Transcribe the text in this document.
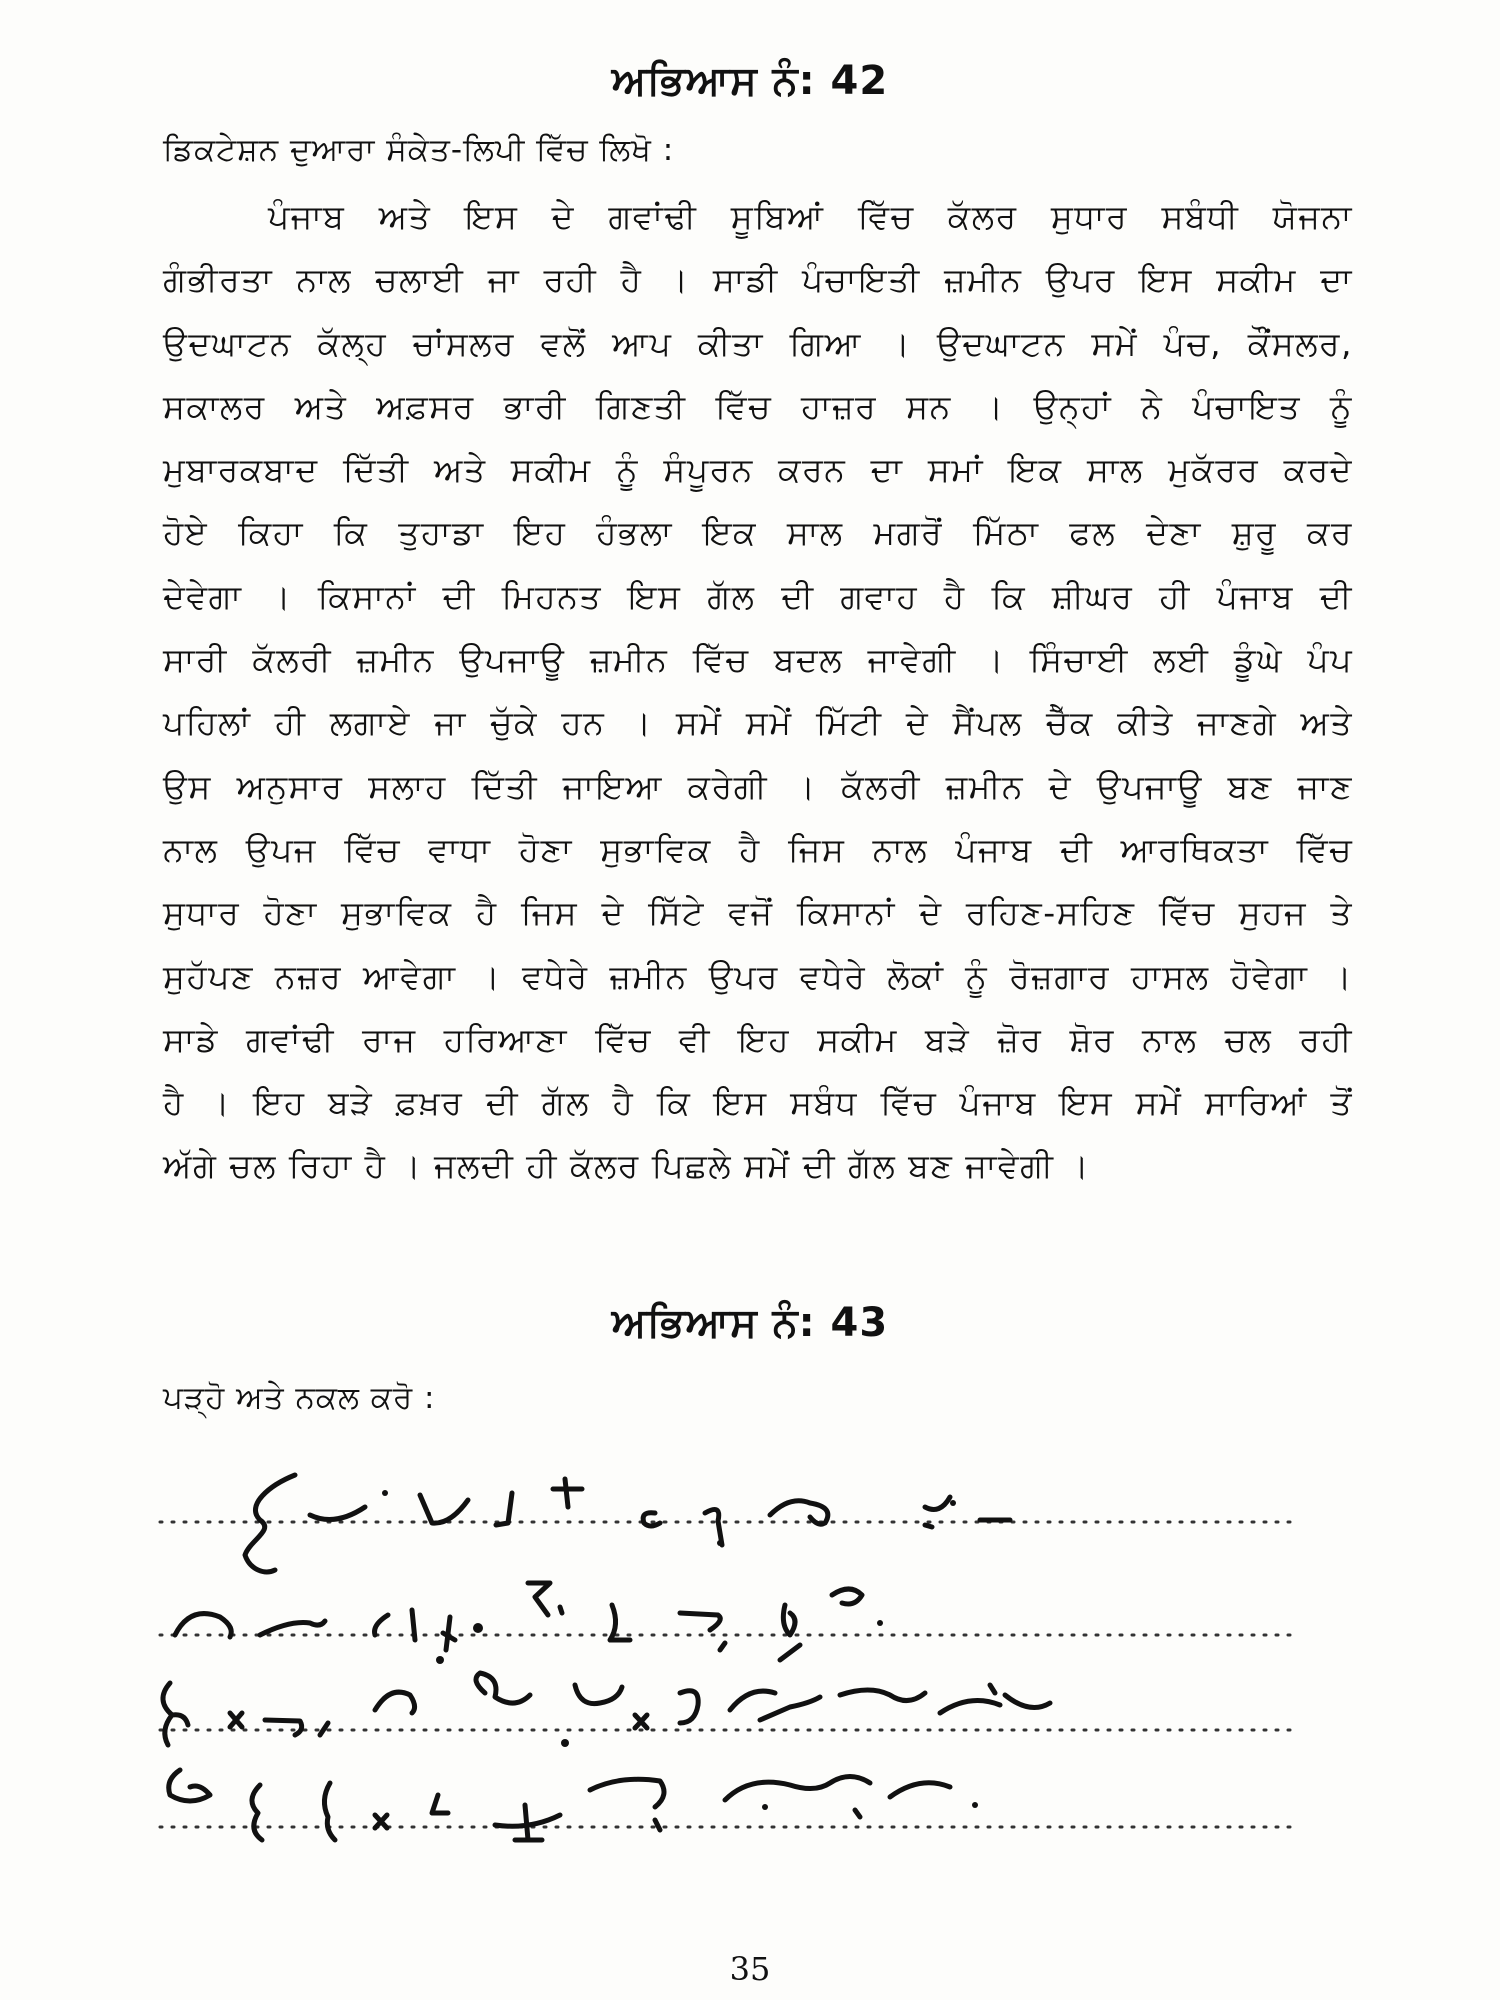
ਅਭਿਆਸ ਨੰ: 42
ਡਿਕਟੇਸ਼ਨ ਦੁਆਰਾ ਸੰਕੇਤ-ਲਿਪੀ ਵਿੱਚ ਲਿਖੋ :
ਪੰਜਾਬ ਅਤੇ ਇਸ ਦੇ ਗਵਾਂਢੀ ਸੂਬਿਆਂ ਵਿੱਚ ਕੱਲਰ ਸੁਧਾਰ ਸਬੰਧੀ ਯੋਜਨਾ
ਗੰਭੀਰਤਾ ਨਾਲ ਚਲਾਈ ਜਾ ਰਹੀ ਹੈ । ਸਾਡੀ ਪੰਚਾਇਤੀ ਜ਼ਮੀਨ ਉਪਰ ਇਸ ਸਕੀਮ ਦਾ
ਉਦਘਾਟਨ ਕੱਲ੍ਹ ਚਾਂਸਲਰ ਵਲੋਂ ਆਪ ਕੀਤਾ ਗਿਆ । ਉਦਘਾਟਨ ਸਮੇਂ ਪੰਚ, ਕੌਂਸਲਰ,
ਸਕਾਲਰ ਅਤੇ ਅਫ਼ਸਰ ਭਾਰੀ ਗਿਣਤੀ ਵਿੱਚ ਹਾਜ਼ਰ ਸਨ । ਉਨ੍ਹਾਂ ਨੇ ਪੰਚਾਇਤ ਨੂੰ
ਮੁਬਾਰਕਬਾਦ ਦਿੱਤੀ ਅਤੇ ਸਕੀਮ ਨੂੰ ਸੰਪੂਰਨ ਕਰਨ ਦਾ ਸਮਾਂ ਇਕ ਸਾਲ ਮੁਕੱਰਰ ਕਰਦੇ
ਹੋਏ ਕਿਹਾ ਕਿ ਤੁਹਾਡਾ ਇਹ ਹੰਭਲਾ ਇਕ ਸਾਲ ਮਗਰੋਂ ਮਿੱਠਾ ਫਲ ਦੇਣਾ ਸ਼ੁਰੂ ਕਰ
ਦੇਵੇਗਾ । ਕਿਸਾਨਾਂ ਦੀ ਮਿਹਨਤ ਇਸ ਗੱਲ ਦੀ ਗਵਾਹ ਹੈ ਕਿ ਸ਼ੀਘਰ ਹੀ ਪੰਜਾਬ ਦੀ
ਸਾਰੀ ਕੱਲਰੀ ਜ਼ਮੀਨ ਉਪਜਾਊ ਜ਼ਮੀਨ ਵਿੱਚ ਬਦਲ ਜਾਵੇਗੀ । ਸਿੰਚਾਈ ਲਈ ਡੂੰਘੇ ਪੰਪ
ਪਹਿਲਾਂ ਹੀ ਲਗਾਏ ਜਾ ਚੁੱਕੇ ਹਨ । ਸਮੇਂ ਸਮੇਂ ਮਿੱਟੀ ਦੇ ਸੈਂਪਲ ਚੈੱਕ ਕੀਤੇ ਜਾਣਗੇ ਅਤੇ
ਉਸ ਅਨੁਸਾਰ ਸਲਾਹ ਦਿੱਤੀ ਜਾਇਆ ਕਰੇਗੀ । ਕੱਲਰੀ ਜ਼ਮੀਨ ਦੇ ਉਪਜਾਊ ਬਣ ਜਾਣ
ਨਾਲ ਉਪਜ ਵਿੱਚ ਵਾਧਾ ਹੋਣਾ ਸੁਭਾਵਿਕ ਹੈ ਜਿਸ ਨਾਲ ਪੰਜਾਬ ਦੀ ਆਰਥਿਕਤਾ ਵਿੱਚ
ਸੁਧਾਰ ਹੋਣਾ ਸੁਭਾਵਿਕ ਹੈ ਜਿਸ ਦੇ ਸਿੱਟੇ ਵਜੋਂ ਕਿਸਾਨਾਂ ਦੇ ਰਹਿਣ-ਸਹਿਣ ਵਿੱਚ ਸੁਹਜ ਤੇ
ਸੁਹੱਪਣ ਨਜ਼ਰ ਆਵੇਗਾ । ਵਧੇਰੇ ਜ਼ਮੀਨ ਉਪਰ ਵਧੇਰੇ ਲੋਕਾਂ ਨੂੰ ਰੋਜ਼ਗਾਰ ਹਾਸਲ ਹੋਵੇਗਾ ।
ਸਾਡੇ ਗਵਾਂਢੀ ਰਾਜ ਹਰਿਆਣਾ ਵਿੱਚ ਵੀ ਇਹ ਸਕੀਮ ਬੜੇ ਜ਼ੋਰ ਸ਼ੋਰ ਨਾਲ ਚਲ ਰਹੀ
ਹੈ । ਇਹ ਬੜੇ ਫ਼ਖ਼ਰ ਦੀ ਗੱਲ ਹੈ ਕਿ ਇਸ ਸਬੰਧ ਵਿੱਚ ਪੰਜਾਬ ਇਸ ਸਮੇਂ ਸਾਰਿਆਂ ਤੋਂ
ਅੱਗੇ ਚਲ ਰਿਹਾ ਹੈ । ਜਲਦੀ ਹੀ ਕੱਲਰ ਪਿਛਲੇ ਸਮੇਂ ਦੀ ਗੱਲ ਬਣ ਜਾਵੇਗੀ ।
ਅਭਿਆਸ ਨੰ: 43
ਪੜ੍ਹੋ ਅਤੇ ਨਕਲ ਕਰੋ :
35
